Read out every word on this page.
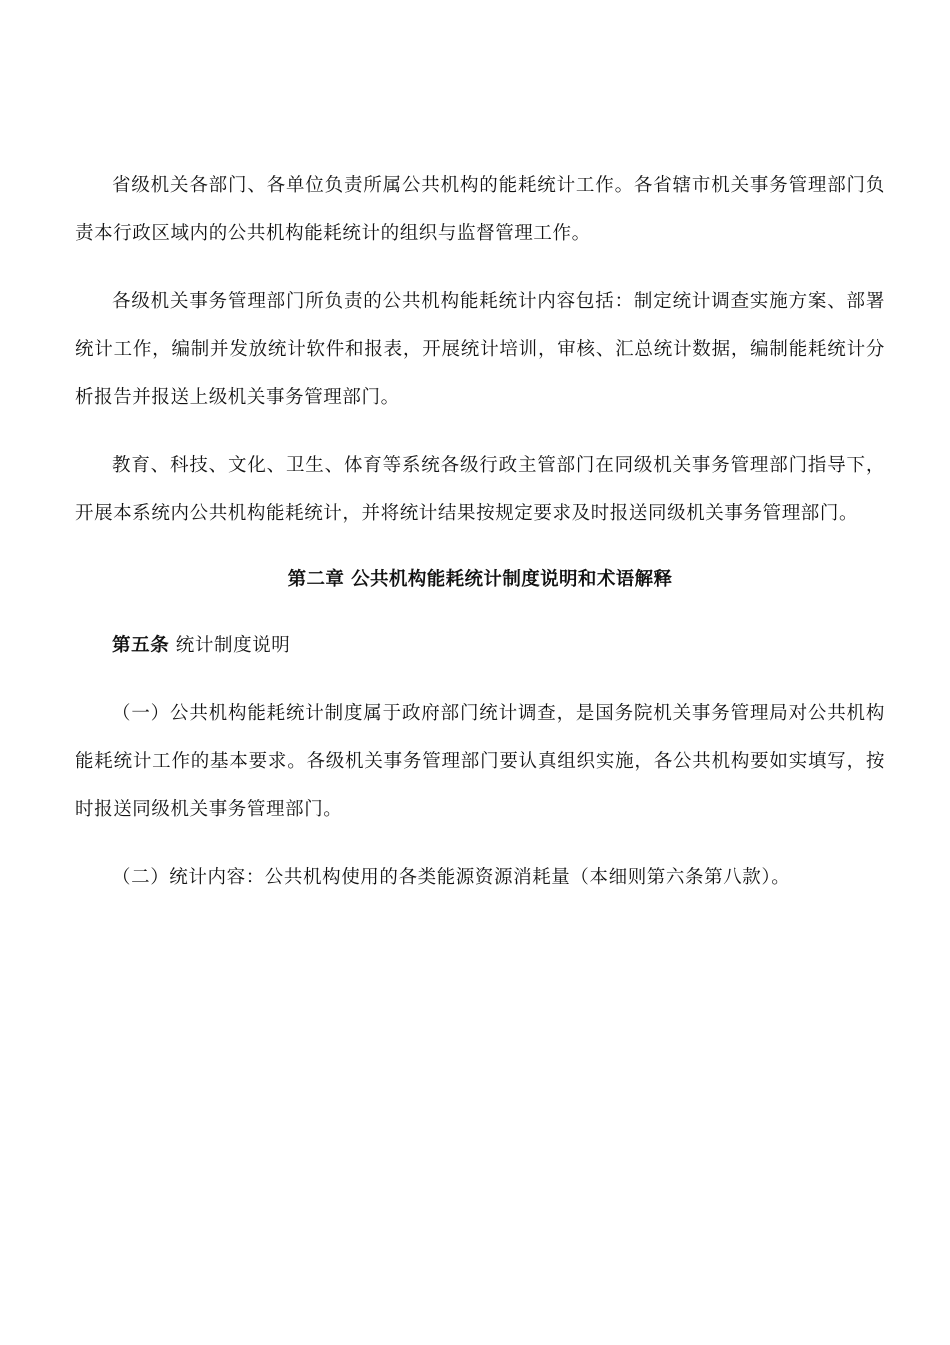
省级机关各部门、各单位负责所属公共机构的能耗统计工作。各省辖市机关事务管理部门负责本行政区域内的公共机构能耗统计的组织与监督管理工作。

各级机关事务管理部门所负责的公共机构能耗统计内容包括：制定统计调查实施方案、部署统计工作，编制并发放统计软件和报表，开展统计培训，审核、汇总统计数据，编制能耗统计分析报告并报送上级机关事务管理部门。

教育、科技、文化、卫生、体育等系统各级行政主管部门在同级机关事务管理部门指导下，开展本系统内公共机构能耗统计，并将统计结果按规定要求及时报送同级机关事务管理部门。

第二章 公共机构能耗统计制度说明和术语解释

第五条 统计制度说明

（一）公共机构能耗统计制度属于政府部门统计调查，是国务院机关事务管理局对公共机构能耗统计工作的基本要求。各级机关事务管理部门要认真组织实施，各公共机构要如实填写，按时报送同级机关事务管理部门。

（二）统计内容：公共机构使用的各类能源资源消耗量（本细则第六条第八款）。
